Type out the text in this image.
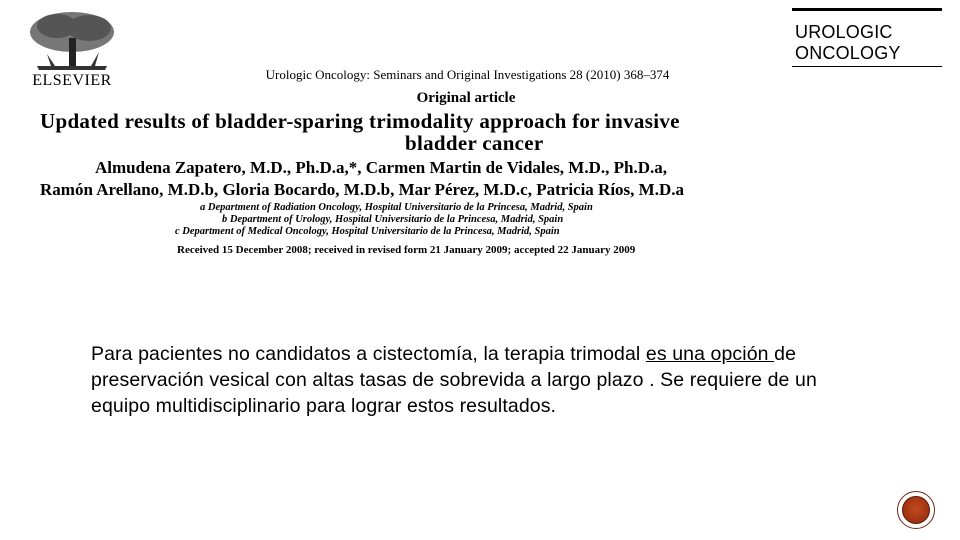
ELSEVIER
UROLOGIC
ONCOLOGY
Urologic Oncology: Seminars and Original Investigations 28 (2010) 368–374
Original article
Updated results of bladder-sparing trimodality approach for invasive
bladder cancer
Almudena Zapatero, M.D., Ph.D.a,*, Carmen Martin de Vidales, M.D., Ph.D.a,
Ramón Arellano, M.D.b, Gloria Bocardo, M.D.b, Mar Pérez, M.D.c, Patricia Ríos, M.D.a
a Department of Radiation Oncology, Hospital Universitario de la Princesa, Madrid, Spain
b Department of Urology, Hospital Universitario de la Princesa, Madrid, Spain
c Department of Medical Oncology, Hospital Universitario de la Princesa, Madrid, Spain
Received 15 December 2008; received in revised form 21 January 2009; accepted 22 January 2009
Para pacientes no candidatos a cistectomía, la terapia trimodal es una opción de preservación vesical con altas tasas de sobrevida a largo plazo . Se requiere de un equipo multidisciplinario para lograr estos resultados.
